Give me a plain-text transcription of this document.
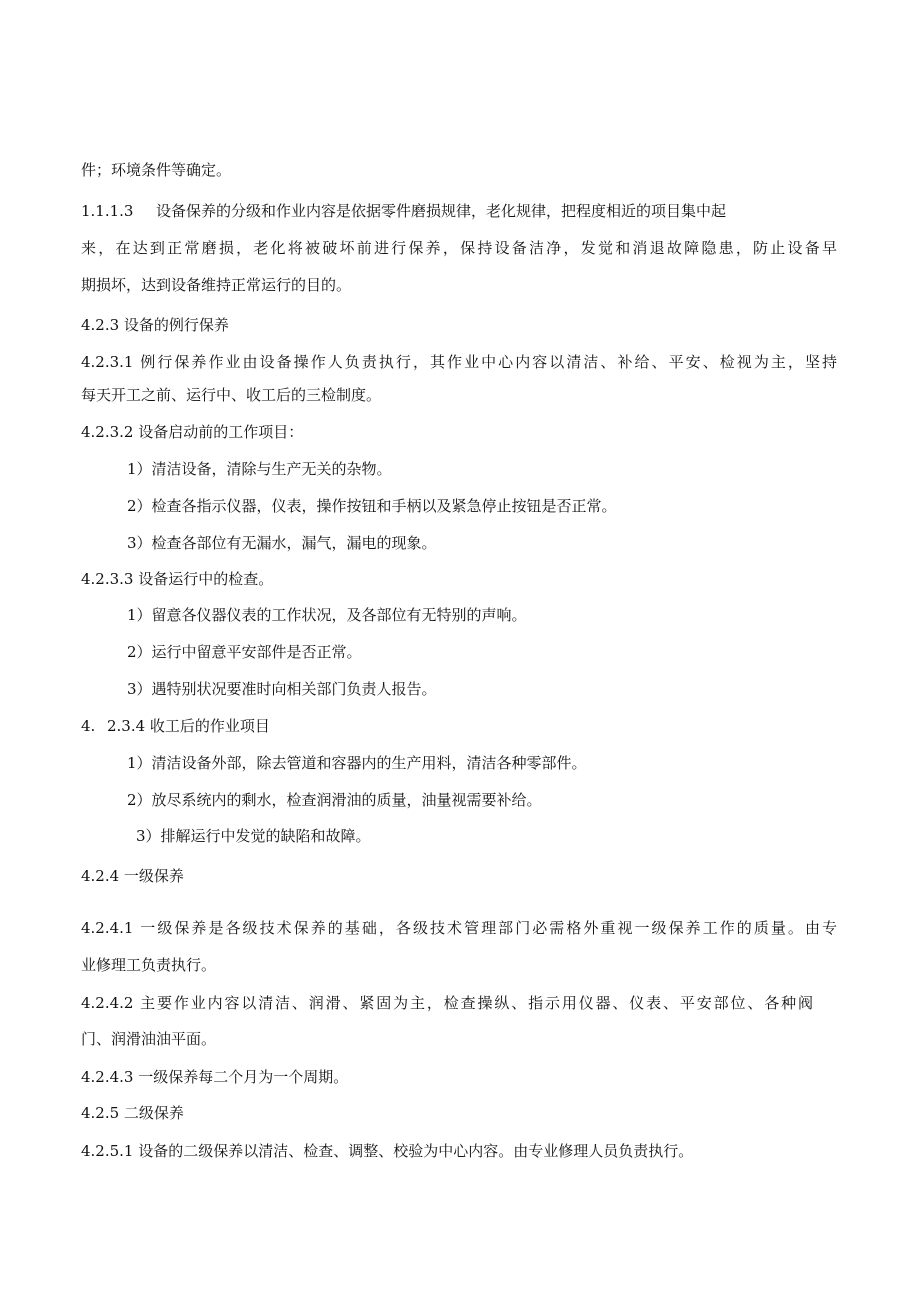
件；环境条件等确定。
1.1.1.3 设备保养的分级和作业内容是依据零件磨损规律，老化规律，把程度相近的项目集中起
来，在达到正常磨损，老化将被破坏前进行保养，保持设备洁净，发觉和消退故障隐患，防止设备早
期损坏，达到设备维持正常运行的目的。
4.2.3 设备的例行保养
4.2.3.1 例行保养作业由设备操作人负责执行，其作业中心内容以清洁、补给、平安、检视为主，坚持
每天开工之前、运行中、收工后的三检制度。
4.2.3.2 设备启动前的工作项目：
1）清洁设备，清除与生产无关的杂物。
2）检查各指示仪器，仪表，操作按钮和手柄以及紧急停止按钮是否正常。
3）检查各部位有无漏水，漏气，漏电的现象。
4.2.3.3 设备运行中的检查。
1）留意各仪器仪表的工作状况，及各部位有无特别的声响。
2）运行中留意平安部件是否正常。
3）遇特别状况要准时向相关部门负责人报告。
4. 2.3.4 收工后的作业项目
1）清洁设备外部，除去管道和容器内的生产用料，清洁各种零部件。
2）放尽系统内的剩水，检查润滑油的质量，油量视需要补给。
3）排解运行中发觉的缺陷和故障。
4.2.4 一级保养
4.2.4.1 一级保养是各级技术保养的基础，各级技术管理部门必需格外重视一级保养工作的质量。由专
业修理工负责执行。
4.2.4.2 主要作业内容以清洁、润滑、紧固为主，检查操纵、指示用仪器、仪表、平安部位、各种阀
门、润滑油油平面。
4.2.4.3 一级保养每二个月为一个周期。
4.2.5 二级保养
4.2.5.1 设备的二级保养以清洁、检查、调整、校验为中心内容。由专业修理人员负责执行。
